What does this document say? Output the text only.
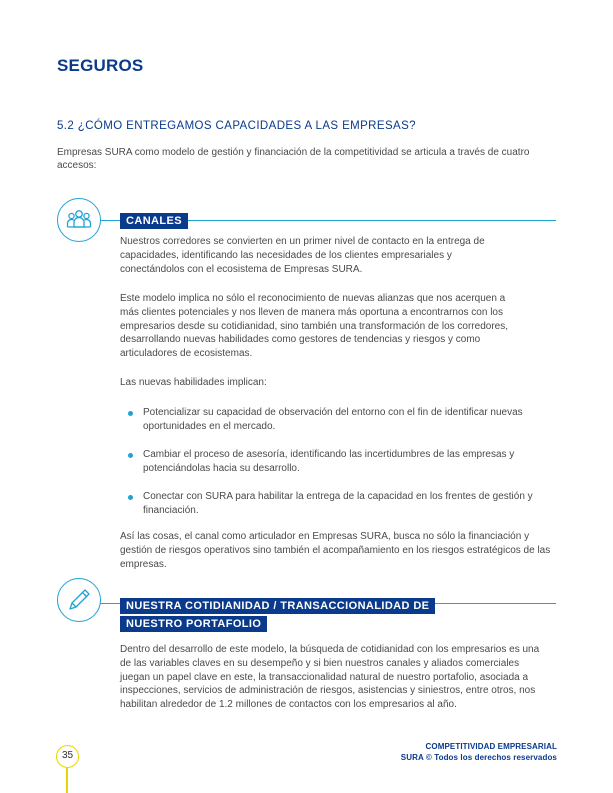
SEGUROS
5.2 ¿CÓMO ENTREGAMOS CAPACIDADES A LAS EMPRESAS?
Empresas SURA como modelo de gestión y financiación de la competitividad se articula a través de cuatro accesos:
CANALES
Nuestros corredores se convierten en un primer nivel de contacto en la entrega de capacidades, identificando las necesidades de los clientes empresariales y conectándolos con el ecosistema de Empresas SURA.
Este modelo implica no sólo el reconocimiento de nuevas alianzas que nos acerquen a más clientes potenciales y nos lleven de manera más oportuna a encontrarnos con los empresarios desde su cotidianidad, sino también una transformación de los corredores, desarrollando nuevas habilidades como gestores de tendencias y riesgos y como articuladores de ecosistemas.
Las nuevas habilidades implican:
Potencializar su capacidad de observación del entorno con el fin de identificar nuevas oportunidades en el mercado.
Cambiar el proceso de asesoría, identificando las incertidumbres de las empresas y potenciándolas hacia su desarrollo.
Conectar con SURA para habilitar la entrega de la capacidad en los frentes de gestión y financiación.
Así las cosas, el canal como articulador en Empresas SURA, busca no sólo la financiación y gestión de riesgos operativos sino también el acompañamiento en los riesgos estratégicos de las empresas.
NUESTRA COTIDIANIDAD / TRANSACCIONALIDAD DE
NUESTRO PORTAFOLIO
Dentro del desarrollo de este modelo, la búsqueda de cotidianidad con los empresarios es una de las variables claves en su desempeño y si bien nuestros canales y aliados comerciales juegan un papel clave en este, la transaccionalidad natural de nuestro portafolio, asociada a inspecciones, servicios de administración de riesgos, asistencias y siniestros, entre otros, nos habilitan alrededor de 1.2 millones de contactos con los empresarios al año.
35
COMPETITIVIDAD EMPRESARIAL
SURA © Todos los derechos reservados
